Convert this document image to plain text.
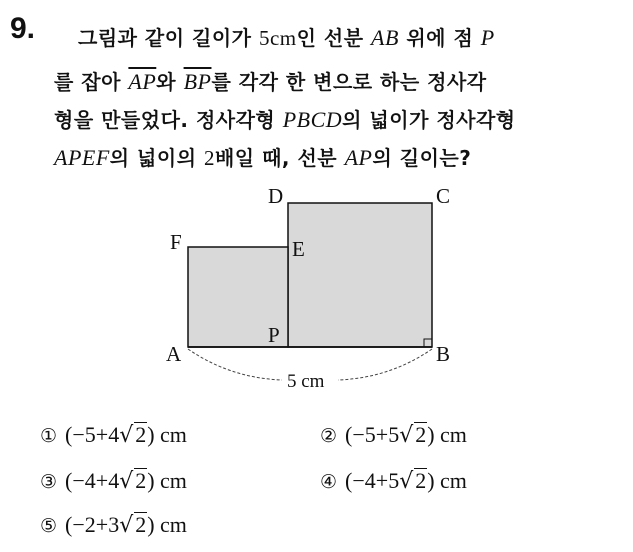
9. 그림과 같이 길이가 5cm인 선분 AB 위에 점 P
를 잡아 $\overline{AP}$와 $\overline{BP}$를 각각 한 변으로 하는 정사각
형을 만들었다. 정사각형 PBCD의 넓이가 정사각형
APEF의 넓이의 2배일 때, 선분 AP의 길이는?
A	B
C
D
E
F
P
5 cm
① (−5+4√2) cm	② (−5+5√2) cm
③ (−4+4√2) cm	④ (−4+5√2) cm
⑤ (−2+3√2) cm
